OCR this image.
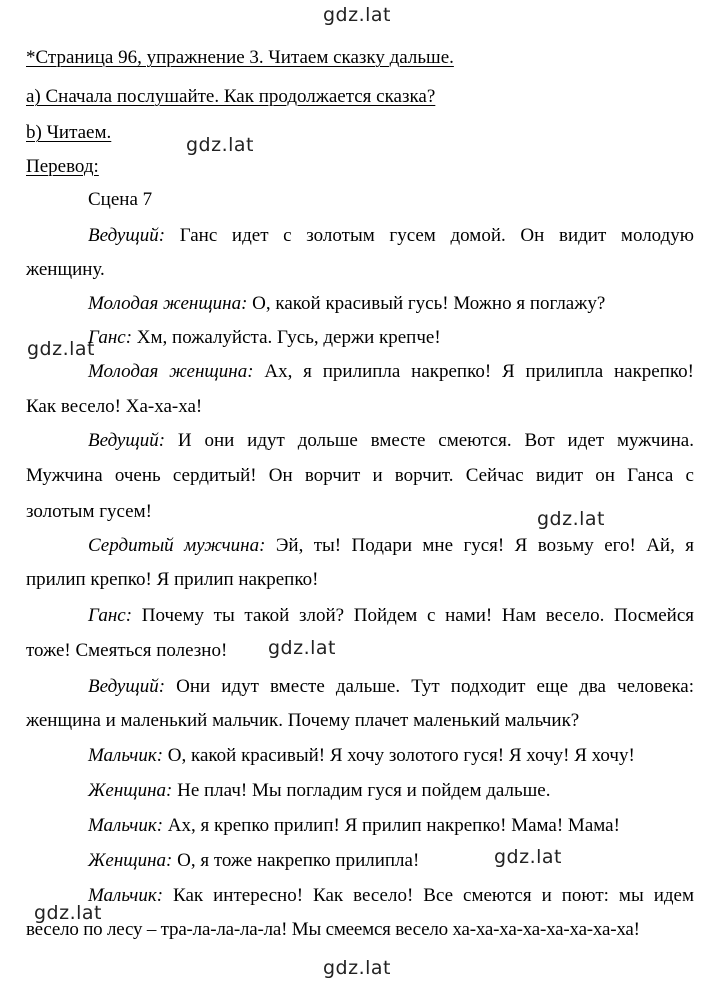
gdz.lat
gdz.lat
gdz.lat
gdz.lat
gdz.lat
gdz.lat
gdz.lat
gdz.lat
*Страница 96, упражнение 3. Читаем сказку дальше.
a) Сначала послушайте. Как продолжается сказка?
b) Читаем.
Перевод:
Сцена 7
Ведущий: Ганс идет с золотым гусем домой. Он видит молодую
женщину.
Молодая женщина: О, какой красивый гусь! Можно я поглажу?
Ганс: Хм, пожалуйста. Гусь, держи крепче!
Молодая женщина: Ах, я прилипла накрепко! Я прилипла накрепко!
Как весело! Ха-ха-ха!
Ведущий: И они идут дольше вместе смеются. Вот идет мужчина.
Мужчина очень сердитый! Он ворчит и ворчит. Сейчас видит он Ганса с
золотым гусем!
Сердитый мужчина: Эй, ты! Подари мне гуся! Я возьму его! Ай, я
прилип крепко! Я прилип накрепко!
Ганс: Почему ты такой злой? Пойдем с нами! Нам весело. Посмейся
тоже! Смеяться полезно!
Ведущий: Они идут вместе дальше. Тут подходит еще два человека:
женщина и маленький мальчик. Почему плачет маленький мальчик?
Мальчик: О, какой красивый! Я хочу золотого гуся! Я хочу! Я хочу!
Женщина: Не плач! Мы погладим гуся и пойдем дальше.
Мальчик: Ах, я крепко прилип! Я прилип накрепко! Мама! Мама!
Женщина: О, я тоже накрепко прилипла!
Мальчик: Как интересно! Как весело! Все смеются и поют: мы идем
весело по лесу – тра-ла-ла-ла-ла! Мы смеемся весело ха-ха-ха-ха-ха-ха-ха-ха!
